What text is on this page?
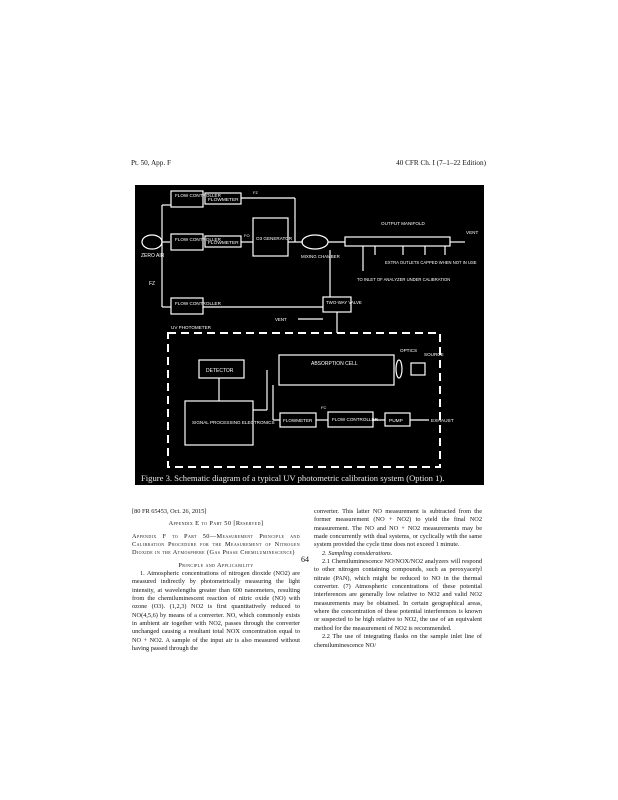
Pt. 50, App. F	40 CFR Ch. I (7–1–22 Edition)
ZERO AIR
FZ
FLOW CONTROLLER
FLOW CONTROLLER
FLOW CONTROLLER
FLOWMETER
FLOWMETER
O3 GENERATOR
FO
FZ
MIXING CHAMBER
OUTPUT MANIFOLD
VENT
EXTRA OUTLETS CAPPED WHEN NOT IN USE
TO INLET OF ANALYZER UNDER CALIBRATION
TWO-WAY VALVE
VENT
UV PHOTOMETER
OPTICS
SOURCE
DETECTOR
ABSORPTION CELL
SIGNAL PROCESSING ELECTRONICS FLOWMETER	FLOW CONTROLLER
FC
PUMP	EXHAUST
Figure 3. Schematic diagram of a typical UV photometric calibration system (Option 1).

[80 FR 65453, Oct. 26, 2015]

Appendix E to Part 50 [Reserved]

Appendix F to Part 50—Measurement Principle and Calibration Procedure for the Measurement of Nitrogen Dioxide in the Atmosphere (Gas Phase Chemiluminescence)

Principle and Applicability

1. Atmospheric concentrations of nitrogen dioxide (NO2) are measured indirectly by photometrically measuring the light intensity, at wavelengths greater than 600 nanometers, resulting from the chemiluminescent reaction of nitric oxide (NO) with ozone (O3). (1,2,3) NO2 is first quantitatively reduced to NO(4,5,6) by means of a converter. NO, which commonly exists in ambient air together with NO2, passes through the converter unchanged causing a resultant total NOX concentration equal to NO + NO2. A sample of the input air is also measured without having passed through the

converter. This latter NO measurement is subtracted from the former measurement (NO + NO2) to yield the final NO2 measurement. The NO and NO + NO2 measurements may be made concurrently with dual systems, or cyclically with the same system provided the cycle time does not exceed 1 minute.

2. Sampling considerations.

2.1 Chemiluminescence NO/NOX/NO2 analyzers will respond to other nitrogen containing compounds, such as peroxyacetyl nitrate (PAN), which might be reduced to NO in the thermal converter. (7) Atmospheric concentrations of these potential interferences are generally low relative to NO2 and valid NO2 measurements may be obtained. In certain geographical areas, where the concentration of these potential interferences is known or suspected to be high relative to NO2, the use of an equivalent method for the measurement of NO2 is recommended.

2.2 The use of integrating flasks on the sample inlet line of chemiluminescence NO/

64
